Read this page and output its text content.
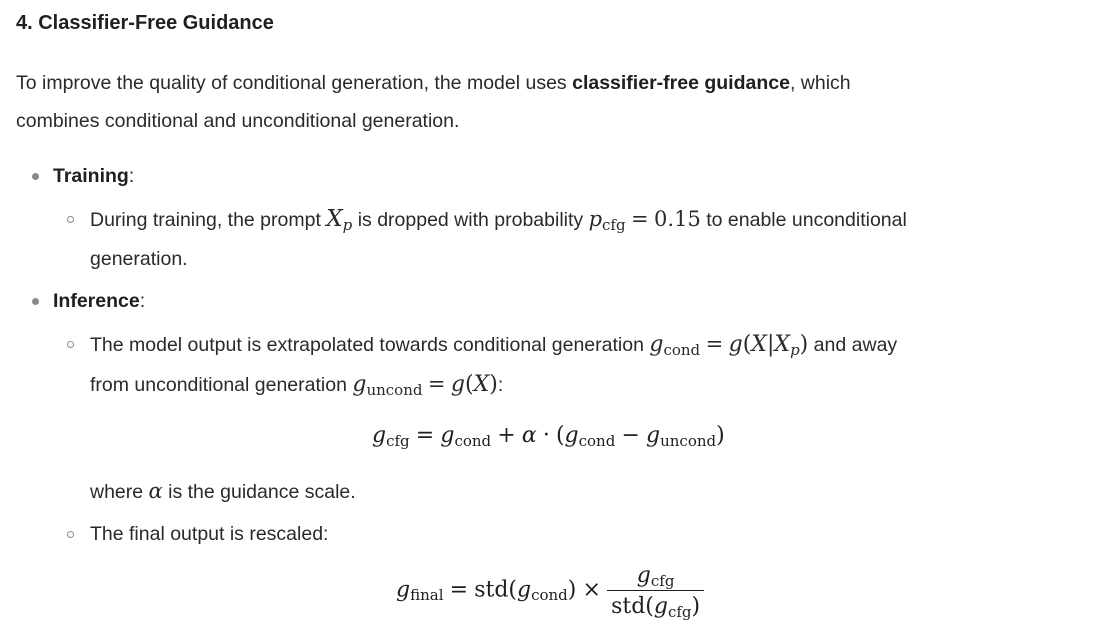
4. Classifier-Free Guidance
To improve the quality of conditional generation, the model uses classifier-free guidance, which
combines conditional and unconditional generation.
Training:
During training, the prompt $X_p$ is dropped with probability $p_{cfg} = 0.15$ to enable unconditional
generation.
Inference:
The model output is extrapolated towards conditional generation $g_{cond} = g(X|X_p)$ and away
from unconditional generation $g_{uncond} = g(X)$:
gcfg = gcond + α · (gcond − guncond)
where α is the guidance scale.
The final output is rescaled:
gfinal = std(gcond) × $\frac{\text{gcfg}}{\text{std(gcfg)}}$
